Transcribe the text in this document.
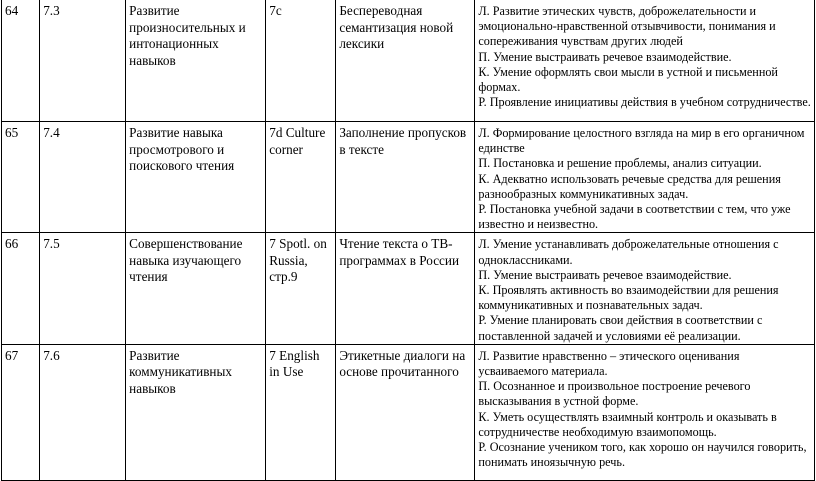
64	7.3	Развитие произносительных и интонационных навыков	7c	Беспереводная семантизация новой лексики	Л. Развитие этических чувств, доброжелательности и эмоционально-нравственной отзывчивости, понимания и сопереживания чувствам других людей
П. Умение выстраивать речевое взаимодействие.
К. Умение оформлять свои мысли в устной и письменной формах.
Р. Проявление инициативы действия в учебном сотрудничестве.

65	7.4	Развитие навыка просмотрового и поискового чтения	7d Culture corner	Заполнение пропусков в тексте	Л. Формирование целостного взгляда на мир в его органичном единстве
П. Постановка и решение проблемы, анализ ситуации.
К. Адекватно использовать речевые средства для решения разнообразных коммуникативных задач.
Р. Постановка учебной задачи в соответствии с тем, что уже известно и неизвестно.

66	7.5	Совершенствование навыка изучающего чтения	7 Spotl. on Russia, стр.9	Чтение текста о ТВ-программах в России	Л. Умение устанавливать доброжелательные отношения с одноклассниками.
П. Умение выстраивать речевое взаимодействие.
К. Проявлять активность во взаимодействии для решения коммуникативных и познавательных задач.
Р. Умение планировать свои действия в соответствии с поставленной задачей и условиями её реализации.

67	7.6	Развитие коммуникативных навыков	7 English in Use	Этикетные диалоги на основе прочитанного	Л. Развитие нравственно – этического оценивания усваиваемого материала.
П. Осознанное и произвольное построение речевого высказывания в устной форме.
К. Уметь осуществлять взаимный контроль и оказывать в сотрудничестве необходимую взаимопомощь.
Р. Осознание учеником того, как хорошо он научился говорить, понимать иноязычную речь.
